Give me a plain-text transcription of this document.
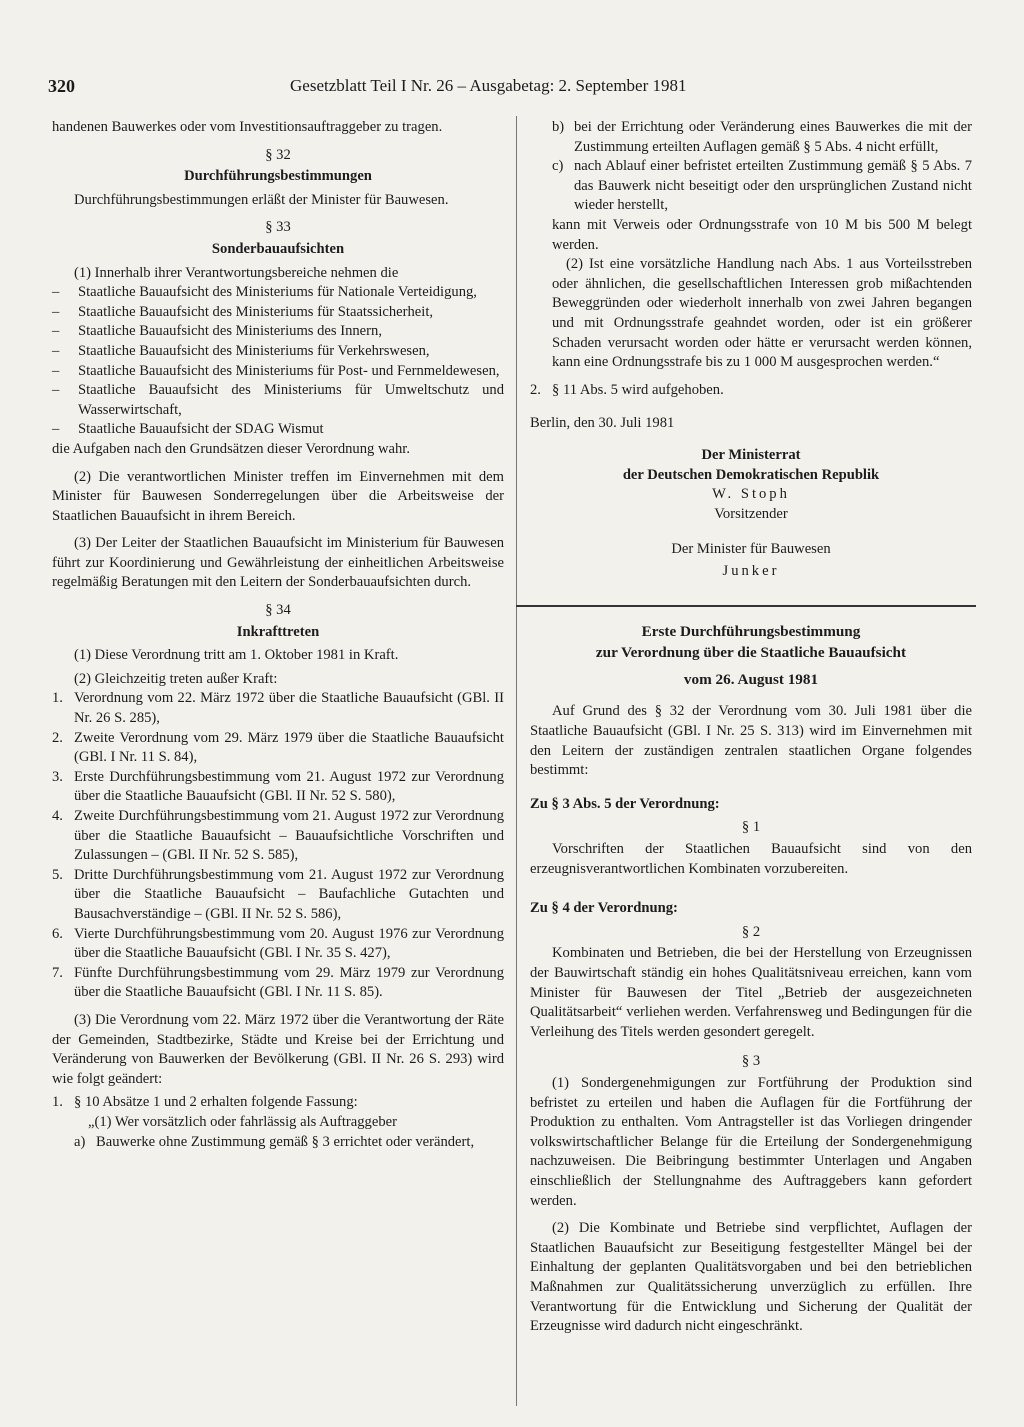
320	Gesetzblatt Teil I Nr. 26 – Ausgabetag: 2. September 1981

handenen Bauwerkes oder vom Investitionsauftraggeber zu tragen.

§ 32
Durchführungsbestimmungen

Durchführungsbestimmungen erläßt der Minister für Bauwesen.

§ 33
Sonderbauaufsichten

(1) Innerhalb ihrer Verantwortungsbereiche nehmen die

– Staatliche Bauaufsicht des Ministeriums für Nationale Verteidigung,
– Staatliche Bauaufsicht des Ministeriums für Staatssicherheit,
– Staatliche Bauaufsicht des Ministeriums des Innern,
– Staatliche Bauaufsicht des Ministeriums für Verkehrswesen,
– Staatliche Bauaufsicht des Ministeriums für Post- und Fernmeldewesen,
– Staatliche Bauaufsicht des Ministeriums für Umweltschutz und Wasserwirtschaft,
– Staatliche Bauaufsicht der SDAG Wismut

die Aufgaben nach den Grundsätzen dieser Verordnung wahr.

(2) Die verantwortlichen Minister treffen im Einvernehmen mit dem Minister für Bauwesen Sonderregelungen über die Arbeitsweise der Staatlichen Bauaufsicht in ihrem Bereich.

(3) Der Leiter der Staatlichen Bauaufsicht im Ministerium für Bauwesen führt zur Koordinierung und Gewährleistung der einheitlichen Arbeitsweise regelmäßig Beratungen mit den Leitern der Sonderbauaufsichten durch.

§ 34
Inkrafttreten

(1) Diese Verordnung tritt am 1. Oktober 1981 in Kraft.

(2) Gleichzeitig treten außer Kraft:

1. Verordnung vom 22. März 1972 über die Staatliche Bauaufsicht (GBl. II Nr. 26 S. 285),
2. Zweite Verordnung vom 29. März 1979 über die Staatliche Bauaufsicht (GBl. I Nr. 11 S. 84),
3. Erste Durchführungsbestimmung vom 21. August 1972 zur Verordnung über die Staatliche Bauaufsicht (GBl. II Nr. 52 S. 580),
4. Zweite Durchführungsbestimmung vom 21. August 1972 zur Verordnung über die Staatliche Bauaufsicht – Bauaufsichtliche Vorschriften und Zulassungen – (GBl. II Nr. 52 S. 585),
5. Dritte Durchführungsbestimmung vom 21. August 1972 zur Verordnung über die Staatliche Bauaufsicht – Baufachliche Gutachten und Bausachverständige – (GBl. II Nr. 52 S. 586),
6. Vierte Durchführungsbestimmung vom 20. August 1976 zur Verordnung über die Staatliche Bauaufsicht (GBl. I Nr. 35 S. 427),
7. Fünfte Durchführungsbestimmung vom 29. März 1979 zur Verordnung über die Staatliche Bauaufsicht (GBl. I Nr. 11 S. 85).

(3) Die Verordnung vom 22. März 1972 über die Verantwortung der Räte der Gemeinden, Stadtbezirke, Städte und Kreise bei der Errichtung und Veränderung von Bauwerken der Bevölkerung (GBl. II Nr. 26 S. 293) wird wie folgt geändert:

1. § 10 Absätze 1 und 2 erhalten folgende Fassung:

„(1) Wer vorsätzlich oder fahrlässig als Auftraggeber

a) Bauwerke ohne Zustimmung gemäß § 3 errichtet oder verändert,
b) bei der Errichtung oder Veränderung eines Bauwerkes die mit der Zustimmung erteilten Auflagen gemäß § 5 Abs. 4 nicht erfüllt,
c) nach Ablauf einer befristet erteilten Zustimmung gemäß § 5 Abs. 7 das Bauwerk nicht beseitigt oder den ursprünglichen Zustand nicht wieder herstellt,

kann mit Verweis oder Ordnungsstrafe von 10 M bis 500 M belegt werden.

(2) Ist eine vorsätzliche Handlung nach Abs. 1 aus Vorteilsstreben oder ähnlichen, die gesellschaftlichen Interessen grob mißachtenden Beweggründen oder wiederholt innerhalb von zwei Jahren begangen und mit Ordnungsstrafe geahndet worden, oder ist ein größerer Schaden verursacht worden oder hätte er verursacht werden können, kann eine Ordnungsstrafe bis zu 1 000 M ausgesprochen werden.“

2. § 11 Abs. 5 wird aufgehoben.

Berlin, den 30. Juli 1981

Der Ministerrat
der Deutschen Demokratischen Republik
W. Stoph
Vorsitzender
Der Minister für Bauwesen
Junker
Erste Durchführungsbestimmung
zur Verordnung über die Staatliche Bauaufsicht
vom 26. August 1981

Auf Grund des § 32 der Verordnung vom 30. Juli 1981 über die Staatliche Bauaufsicht (GBl. I Nr. 25 S. 313) wird im Einvernehmen mit den Leitern der zuständigen zentralen staatlichen Organe folgendes bestimmt:

Zu § 3 Abs. 5 der Verordnung:
§ 1

Vorschriften der Staatlichen Bauaufsicht sind von den erzeugnisverantwortlichen Kombinaten vorzubereiten.

Zu § 4 der Verordnung:
§ 2

Kombinaten und Betrieben, die bei der Herstellung von Erzeugnissen der Bauwirtschaft ständig ein hohes Qualitätsniveau erreichen, kann vom Minister für Bauwesen der Titel „Betrieb der ausgezeichneten Qualitätsarbeit“ verliehen werden. Verfahrensweg und Bedingungen für die Verleihung des Titels werden gesondert geregelt.

§ 3

(1) Sondergenehmigungen zur Fortführung der Produktion sind befristet zu erteilen und haben die Auflagen für die Fortführung der Produktion zu enthalten. Vom Antragsteller ist das Vorliegen dringender volkswirtschaftlicher Belange für die Erteilung der Sondergenehmigung nachzuweisen. Die Beibringung bestimmter Unterlagen und Angaben einschließlich der Stellungnahme des Auftraggebers kann gefordert werden.

(2) Die Kombinate und Betriebe sind verpflichtet, Auflagen der Staatlichen Bauaufsicht zur Beseitigung festgestellter Mängel bei der Einhaltung der geplanten Qualitätsvorgaben und bei den betrieblichen Maßnahmen zur Qualitätssicherung unverzüglich zu erfüllen. Ihre Verantwortung für die Entwicklung und Sicherung der Qualität der Erzeugnisse wird dadurch nicht eingeschränkt.
